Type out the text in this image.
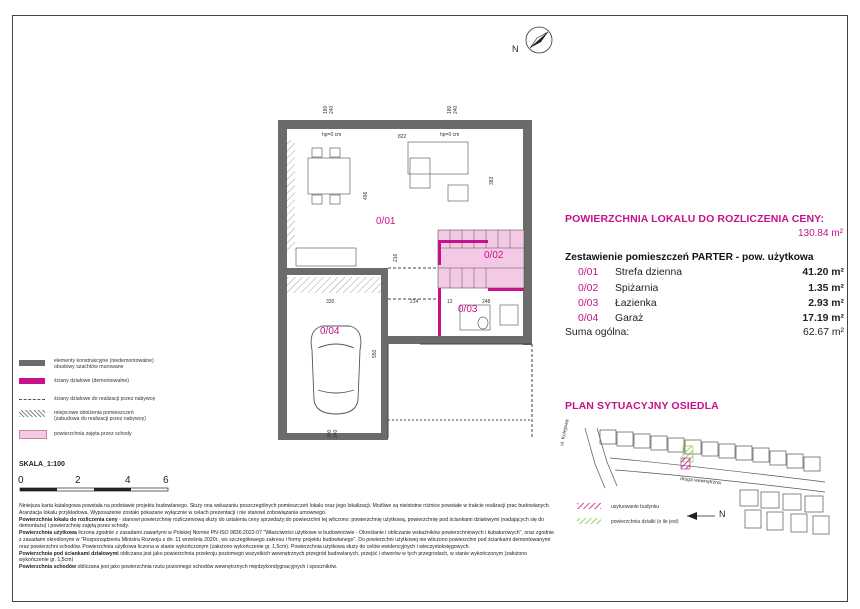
N
0/01
0/02
0/03
0/04
822
496
383
330	214	12	248
550
216
300 240
180 240	180 240
hp=0 cm	hp=0 cm
elementy konstrukcyjne (niedemontowalne)
obudowy szachtów murowane
ściany działowe (demontowalne)
ściany działowe do realizacji przez nabywcę
miejscowe obniżenia pomieszczeń
(zabudowa do realizacji przez nabywcę)
powierzchnia zajęta przez schody
SKALA_1:100
0	2	4	6
Niniejsza karta katalogowa powstała na podstawie projektu budowlanego. Służy ona wskazaniu poszczególnych pomieszczeń lokalu oraz jego lokalizacji. Możliwe są nieistotne różnice powstałe w trakcie realizacji prac budowlanych. Aranżacja lokalu przykładowa. Wyposażenie zostało pokazane wyłącznie w celach prezentacji i nie stanowi zobowiązania umownego.
Powierzchnia lokalu do rozliczenia ceny - stanowi powierzchnię rozliczeniową służy do ustalenia ceny sprzedaży;do powierzchni tej wliczono: powierzchnię użytkową, powierzchnię pod ściankami działowymi (nadających się do demontażu) i powierzchnię zajętą przez schody.
Powierzchnia użytkowa liczona zgodnie z zasadami zawartymi w Polskiej Normie PN-ISO 9836:2022-07 "Właściwości użytkowe w budownictwie - Określanie i obliczanie wskaźników powierzchniowych i kubaturowych", oraz zgodnie z zasadami określonymi w "Rozporządzeniu Ministra Rozwoju z dn. 11 września 2020r., ws szczegółowego zakresu i formy projektu budowlanego". Do powierzchni użytkowej nie wliczono powierzchni pod ściankami demontowanymi oraz powierzchni schodów. Powierzchnia użytkowa liczona w stanie wykończonym (założono wykończenie gr. 1,5cm). Powierzchnia użytkowa służy do celów ewidencyjnych i wieczystoksięgowych.
Powierzchnia pod ściankami działowymi obliczana jest jako powierzchnia przekroju poziomego wszystkich wewnętrznych przegród budowlanych, przejść i otworów w tych przegrodach, w stanie wykończonym (założono wykończenie gr. 1,5cm)
Powierzchnia schodów obliczana jest jako powierzchnia rzutu poziomego schodów wewnętrznych międzykondygnacyjnych i spoczników.
POWIERZCHNIA LOKALU DO ROZLICZENIA CENY:
130.84 m²
Zestawienie pomieszczeń PARTER - pow. użytkowa
0/01 Strefa dzienna	41.20 m²
0/02 Spiżarnia	1.35 m²
0/03 Łazienka	2.93 m²
0/04 Garaż	17.19 m²
Suma ogólna:	62.67 m²
PLAN SYTUACYJNY OSIEDLA
ul. Kolejowa
droga wewnętrzna
usytuowanie budynku
powierzchnia działki (o ile jest)
N
